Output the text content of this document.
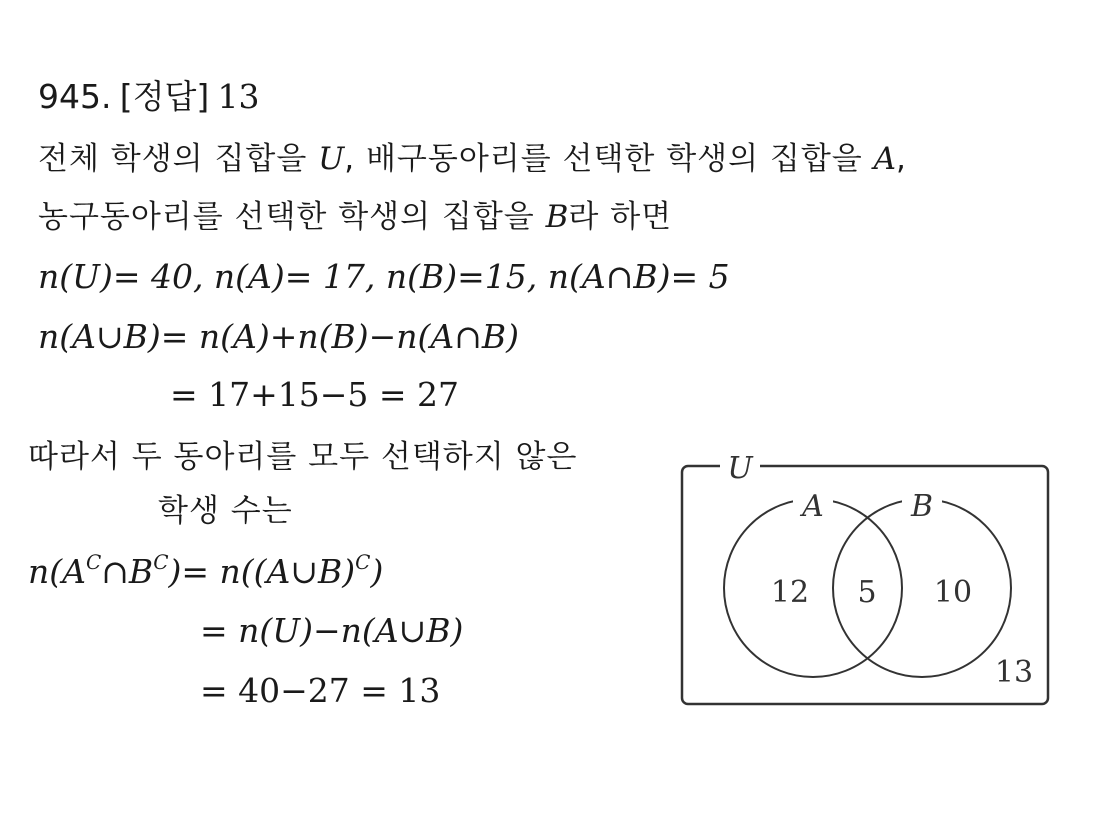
945. [정답] 13
전체 학생의 집합을 U, 배구동아리를 선택한 학생의 집합을 A,
농구동아리를 선택한 학생의 집합을 B라 하면
n(U)= 40, n(A)= 17, n(B)=15, n(A∩B)= 5
n(A∪B)= n(A)+n(B)−n(A∩B)
= 17+15−5 = 27
따라서 두 동아리를 모두 선택하지 않은
학생 수는
$n(A^C\cap B^C)=$ n((A∪B)$^C$)
= n(U)−n(A∪B)
= 40−27 = 13
U
A	B
12 5 10
13
